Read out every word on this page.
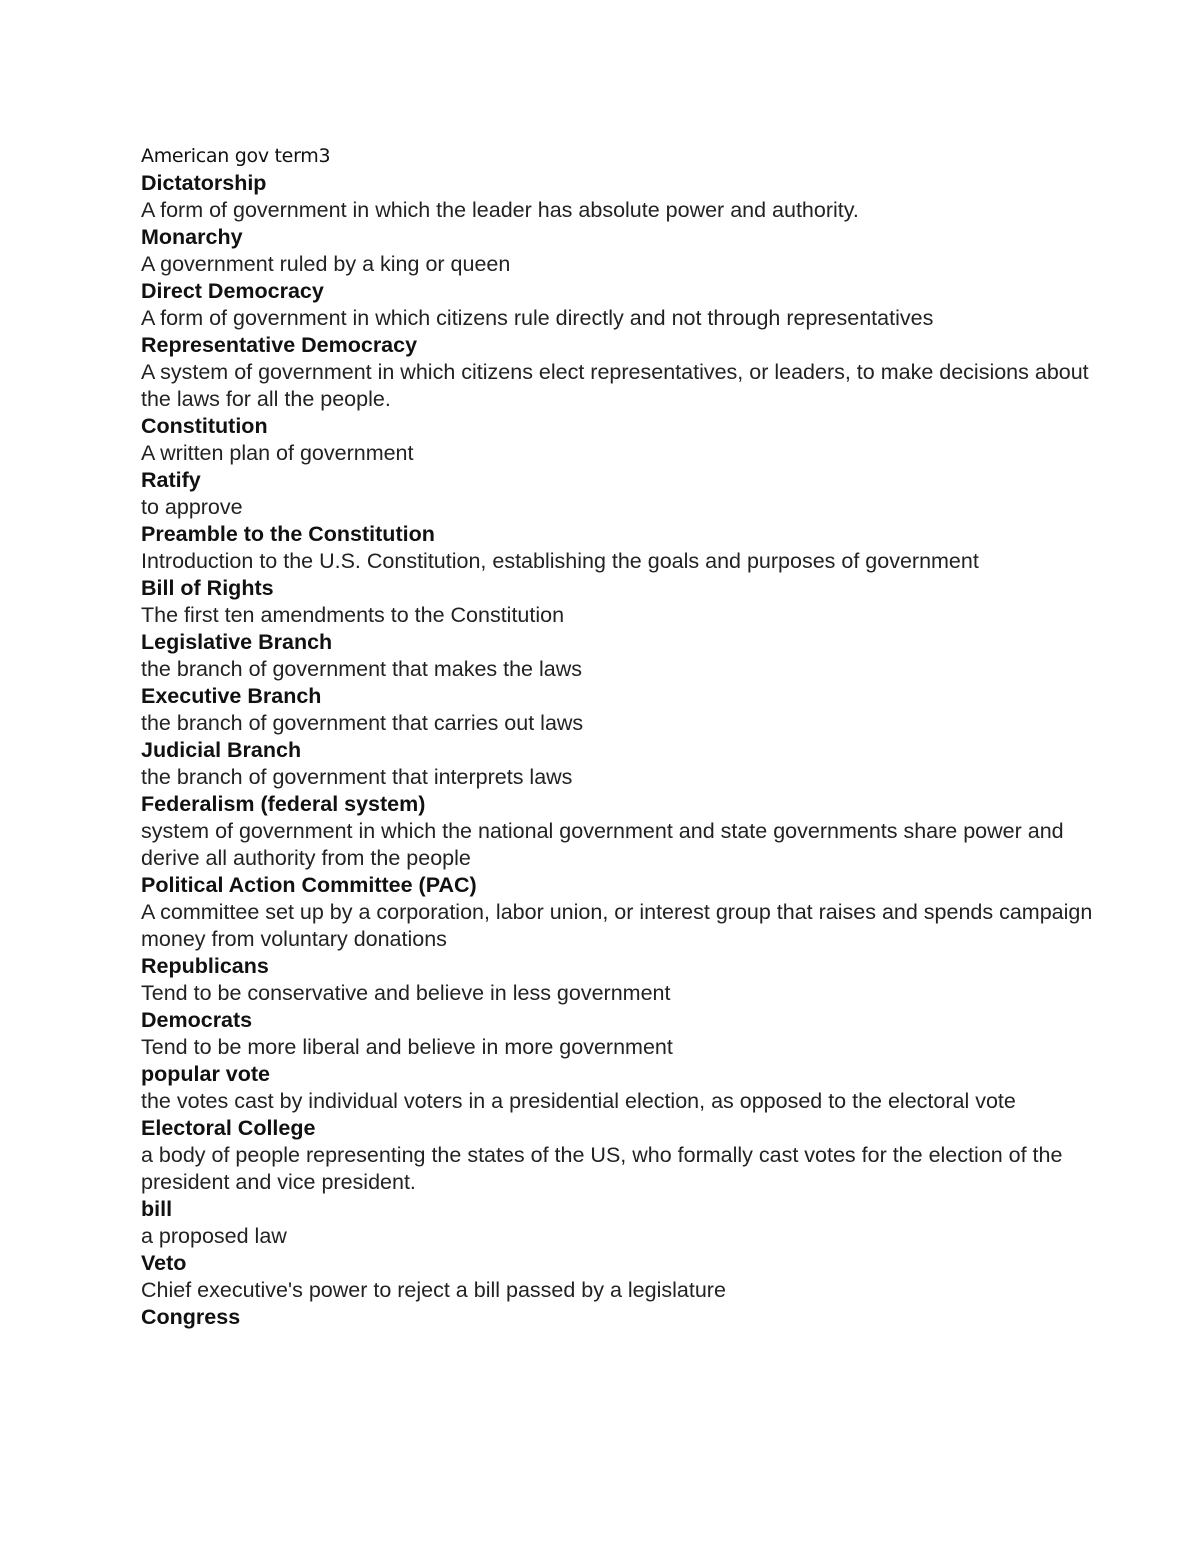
American gov term3

Dictatorship

A form of government in which the leader has absolute power and authority.

Monarchy

A government ruled by a king or queen

Direct Democracy

A form of government in which citizens rule directly and not through representatives

Representative Democracy

A system of government in which citizens elect representatives, or leaders, to make decisions about the laws for all the people.

Constitution

A written plan of government

Ratify

to approve

Preamble to the Constitution

Introduction to the U.S. Constitution, establishing the goals and purposes of government

Bill of Rights

The first ten amendments to the Constitution

Legislative Branch

the branch of government that makes the laws

Executive Branch

the branch of government that carries out laws

Judicial Branch

the branch of government that interprets laws

Federalism (federal system)

system of government in which the national government and state governments share power and derive all authority from the people

Political Action Committee (PAC)

A committee set up by a corporation, labor union, or interest group that raises and spends campaign money from voluntary donations

Republicans

Tend to be conservative and believe in less government

Democrats

Tend to be more liberal and believe in more government

popular vote

the votes cast by individual voters in a presidential election, as opposed to the electoral vote

Electoral College

a body of people representing the states of the US, who formally cast votes for the election of the president and vice president.

bill

a proposed law

Veto

Chief executive's power to reject a bill passed by a legislature

Congress
